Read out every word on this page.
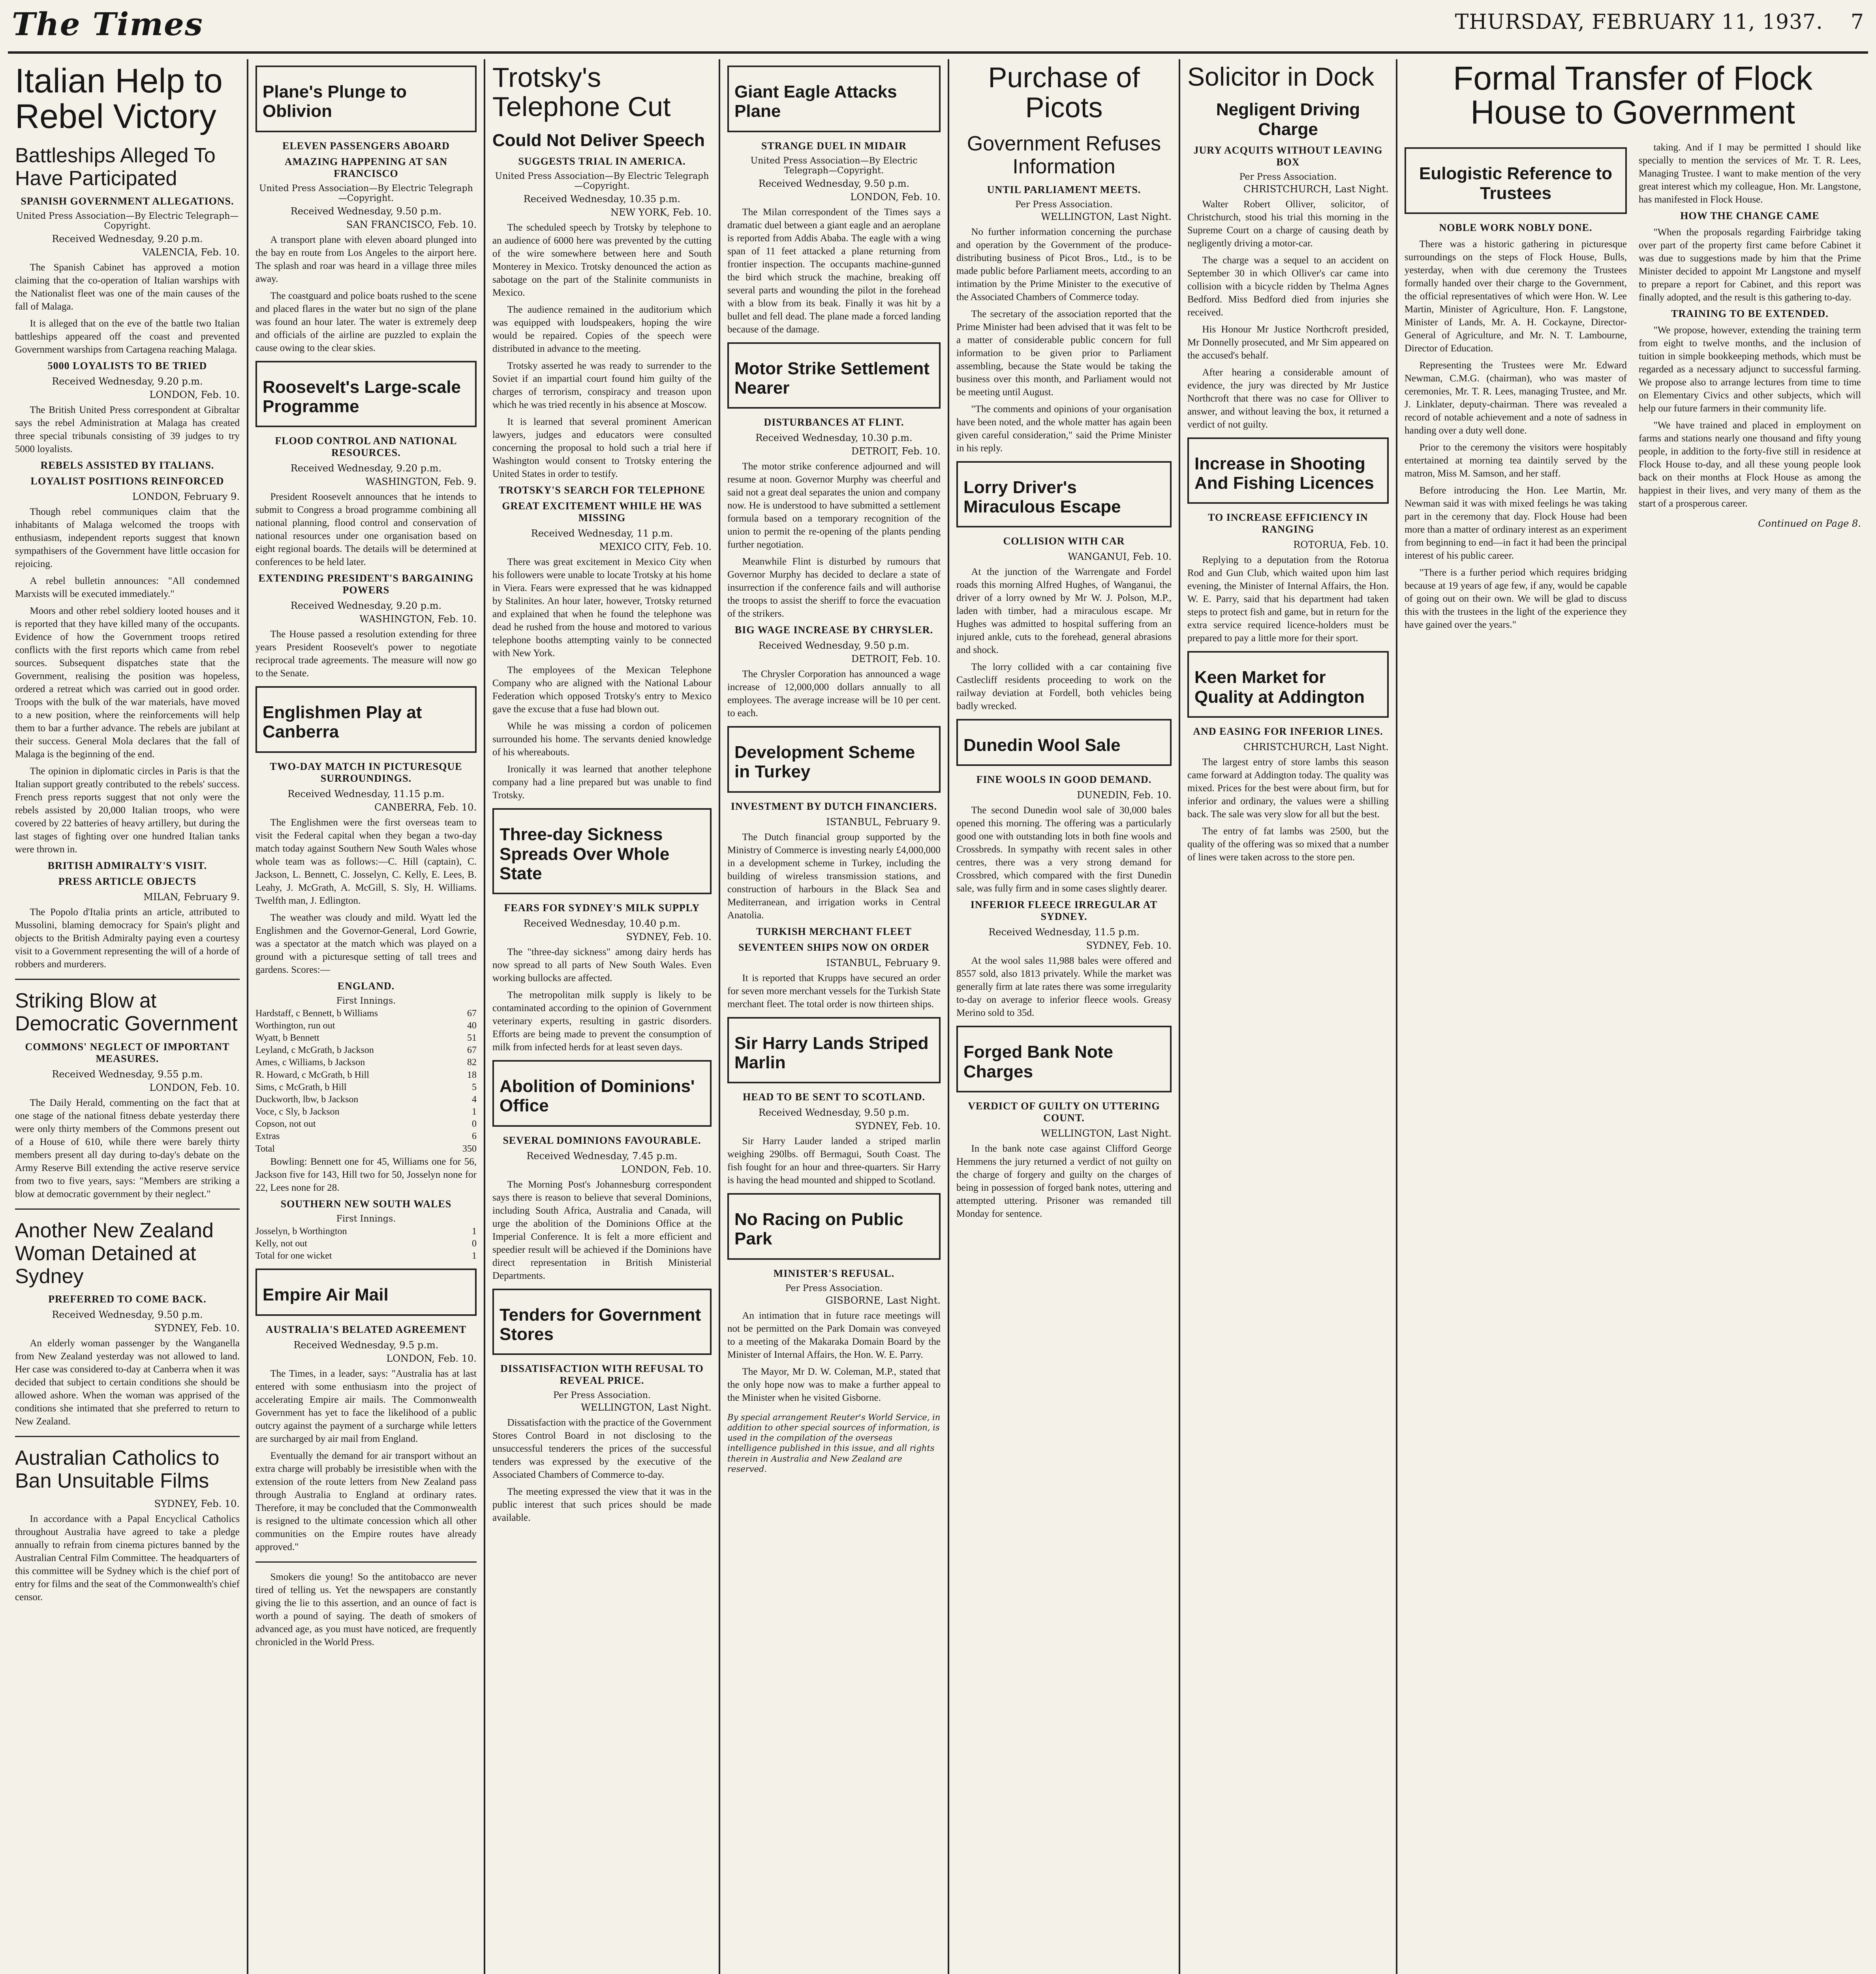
The Times	THURSDAY, FEBRUARY 11, 1937. 7
Italian Help to Rebel Victory
Battleships Alleged To Have Participated
SPANISH GOVERNMENT ALLEGATIONS.
United Press Association—By Electric Telegraph—Copyright.
Received Wednesday, 9.20 p.m.
VALENCIA, Feb. 10.

The Spanish Cabinet has approved a motion claiming that the co-operation of Italian warships with the Nationalist fleet was one of the main causes of the fall of Malaga.

It is alleged that on the eve of the battle two Italian battleships appeared off the coast and prevented Government warships from Cartagena reaching Malaga.

5000 LOYALISTS TO BE TRIED
Received Wednesday, 9.20 p.m.
LONDON, Feb. 10.

The British United Press correspondent at Gibraltar says the rebel Administration at Malaga has created three special tribunals consisting of 39 judges to try 5000 loyalists.

REBELS ASSISTED BY ITALIANS.
LOYALIST POSITIONS REINFORCED
LONDON, February 9.

Though rebel communiques claim that the inhabitants of Malaga welcomed the troops with enthusiasm, independent reports suggest that known sympathisers of the Government have little occasion for rejoicing.

A rebel bulletin announces: "All condemned Marxists will be executed immediately."

Moors and other rebel soldiery looted houses and it is reported that they have killed many of the occupants. Evidence of how the Government troops retired conflicts with the first reports which came from rebel sources. Subsequent dispatches state that the Government, realising the position was hopeless, ordered a retreat which was carried out in good order. Troops with the bulk of the war materials, have moved to a new position, where the reinforcements will help them to bar a further advance. The rebels are jubilant at their success. General Mola declares that the fall of Malaga is the beginning of the end.

The opinion in diplomatic circles in Paris is that the Italian support greatly contributed to the rebels' success. French press reports suggest that not only were the rebels assisted by 20,000 Italian troops, who were covered by 22 batteries of heavy artillery, but during the last stages of fighting over one hundred Italian tanks were thrown in.

BRITISH ADMIRALTY'S VISIT.
PRESS ARTICLE OBJECTS
MILAN, February 9.

The Popolo d'Italia prints an article, attributed to Mussolini, blaming democracy for Spain's plight and objects to the British Admiralty paying even a courtesy visit to a Government representing the will of a horde of robbers and murderers.

Striking Blow at Democratic Government
COMMONS' NEGLECT OF IMPORTANT MEASURES.
Received Wednesday, 9.55 p.m.
LONDON, Feb. 10.

The Daily Herald, commenting on the fact that at one stage of the national fitness debate yesterday there were only thirty members of the Commons present out of a House of 610, while there were barely thirty members present all day during to-day's debate on the Army Reserve Bill extending the active reserve service from two to five years, says: "Members are striking a blow at democratic government by their neglect."

Another New Zealand Woman Detained at Sydney
PREFERRED TO COME BACK.
Received Wednesday, 9.50 p.m.
SYDNEY, Feb. 10.

An elderly woman passenger by the Wanganella from New Zealand yesterday was not allowed to land. Her case was considered to-day at Canberra when it was decided that subject to certain conditions she should be allowed ashore. When the woman was apprised of the conditions she intimated that she preferred to return to New Zealand.

Australian Catholics to Ban Unsuitable Films
SYDNEY, Feb. 10.

In accordance with a Papal Encyclical Catholics throughout Australia have agreed to take a pledge annually to refrain from cinema pictures banned by the Australian Central Film Committee. The headquarters of this committee will be Sydney which is the chief port of entry for films and the seat of the Commonwealth's chief censor.

Plane's Plunge to Oblivion
ELEVEN PASSENGERS ABOARD
AMAZING HAPPENING AT SAN FRANCISCO
United Press Association—By Electric Telegraph—Copyright.
Received Wednesday, 9.50 p.m.
SAN FRANCISCO, Feb. 10.

A transport plane with eleven aboard plunged into the bay en route from Los Angeles to the airport here. The splash and roar was heard in a village three miles away.

The coastguard and police boats rushed to the scene and placed flares in the water but no sign of the plane was found an hour later. The water is extremely deep and officials of the airline are puzzled to explain the cause owing to the clear skies.

Roosevelt's Large-scale Programme
FLOOD CONTROL AND NATIONAL RESOURCES.
Received Wednesday, 9.20 p.m.
WASHINGTON, Feb. 9.

President Roosevelt announces that he intends to submit to Congress a broad programme combining all national planning, flood control and conservation of national resources under one organisation based on eight regional boards. The details will be determined at conferences to be held later.

EXTENDING PRESIDENT'S BARGAINING POWERS
Received Wednesday, 9.20 p.m.
WASHINGTON, Feb. 10.

The House passed a resolution extending for three years President Roosevelt's power to negotiate reciprocal trade agreements. The measure will now go to the Senate.

Englishmen Play at Canberra
TWO-DAY MATCH IN PICTURESQUE SURROUNDINGS.
Received Wednesday, 11.15 p.m.
CANBERRA, Feb. 10.

The Englishmen were the first overseas team to visit the Federal capital when they began a two-day match today against Southern New South Wales whose whole team was as follows:—C. Hill (captain), C. Jackson, L. Bennett, C. Josselyn, C. Kelly, E. Lees, B. Leahy, J. McGrath, A. McGill, S. Sly, H. Williams. Twelfth man, J. Edlington.

The weather was cloudy and mild. Wyatt led the Englishmen and the Governor-General, Lord Gowrie, was a spectator at the match which was played on a ground with a picturesque setting of tall trees and gardens. Scores:—

ENGLAND.
First Innings.
Hardstaff, c Bennett, b Williams	67
Worthington, run out	40
Wyatt, b Bennett	51
Leyland, c McGrath, b Jackson	67
Ames, c Williams, b Jackson	82
R. Howard, c McGrath, b Hill	18
Sims, c McGrath, b Hill	5
Duckworth, lbw, b Jackson	4
Voce, c Sly, b Jackson	1
Copson, not out	0
Extras	6
Total	350

Bowling: Bennett one for 45, Williams one for 56, Jackson five for 143, Hill two for 50, Josselyn none for 22, Lees none for 28.

SOUTHERN NEW SOUTH WALES
First Innings.
Josselyn, b Worthington	1
Kelly, not out	0
Total for one wicket	1
Empire Air Mail
AUSTRALIA'S BELATED AGREEMENT
Received Wednesday, 9.5 p.m.
LONDON, Feb. 10.

The Times, in a leader, says: "Australia has at last entered with some enthusiasm into the project of accelerating Empire air mails. The Commonwealth Government has yet to face the likelihood of a public outcry against the payment of a surcharge while letters are surcharged by air mail from England.

Eventually the demand for air transport without an extra charge will probably be irresistible when with the extension of the route letters from New Zealand pass through Australia to England at ordinary rates. Therefore, it may be concluded that the Commonwealth is resigned to the ultimate concession which all other communities on the Empire routes have already approved."

Smokers die young! So the antitobacco are never tired of telling us. Yet the newspapers are constantly giving the lie to this assertion, and an ounce of fact is worth a pound of saying. The death of smokers of advanced age, as you must have noticed, are frequently chronicled in the World Press.

Trotsky's Telephone Cut
Could Not Deliver Speech
SUGGESTS TRIAL IN AMERICA.
United Press Association—By Electric Telegraph—Copyright.
Received Wednesday, 10.35 p.m.
NEW YORK, Feb. 10.

The scheduled speech by Trotsky by telephone to an audience of 6000 here was prevented by the cutting of the wire somewhere between here and South Monterey in Mexico. Trotsky denounced the action as sabotage on the part of the Stalinite communists in Mexico.

The audience remained in the auditorium which was equipped with loudspeakers, hoping the wire would be repaired. Copies of the speech were distributed in advance to the meeting.

Trotsky asserted he was ready to surrender to the Soviet if an impartial court found him guilty of the charges of terrorism, conspiracy and treason upon which he was tried recently in his absence at Moscow.

It is learned that several prominent American lawyers, judges and educators were consulted concerning the proposal to hold such a trial here if Washington would consent to Trotsky entering the United States in order to testify.

TROTSKY'S SEARCH FOR TELEPHONE
GREAT EXCITEMENT WHILE HE WAS MISSING
Received Wednesday, 11 p.m.
MEXICO CITY, Feb. 10.

There was great excitement in Mexico City when his followers were unable to locate Trotsky at his home in Viera. Fears were expressed that he was kidnapped by Stalinites. An hour later, however, Trotsky returned and explained that when he found the telephone was dead he rushed from the house and motored to various telephone booths attempting vainly to be connected with New York.

The employees of the Mexican Telephone Company who are aligned with the National Labour Federation which opposed Trotsky's entry to Mexico gave the excuse that a fuse had blown out.

While he was missing a cordon of policemen surrounded his home. The servants denied knowledge of his whereabouts.

Ironically it was learned that another telephone company had a line prepared but was unable to find Trotsky.

Three-day Sickness Spreads Over Whole State
FEARS FOR SYDNEY'S MILK SUPPLY
Received Wednesday, 10.40 p.m.
SYDNEY, Feb. 10.

The "three-day sickness" among dairy herds has now spread to all parts of New South Wales. Even working bullocks are affected.

The metropolitan milk supply is likely to be contaminated according to the opinion of Government veterinary experts, resulting in gastric disorders. Efforts are being made to prevent the consumption of milk from infected herds for at least seven days.

Abolition of Dominions' Office
SEVERAL DOMINIONS FAVOURABLE.
Received Wednesday, 7.45 p.m.
LONDON, Feb. 10.

The Morning Post's Johannesburg correspondent says there is reason to believe that several Dominions, including South Africa, Australia and Canada, will urge the abolition of the Dominions Office at the Imperial Conference. It is felt a more efficient and speedier result will be achieved if the Dominions have direct representation in British Ministerial Departments.

Tenders for Government Stores
DISSATISFACTION WITH REFUSAL TO REVEAL PRICE.
Per Press Association.
WELLINGTON, Last Night.

Dissatisfaction with the practice of the Government Stores Control Board in not disclosing to the unsuccessful tenderers the prices of the successful tenders was expressed by the executive of the Associated Chambers of Commerce to-day.

The meeting expressed the view that it was in the public interest that such prices should be made available.

Giant Eagle Attacks Plane
STRANGE DUEL IN MIDAIR
United Press Association—By Electric Telegraph—Copyright.
Received Wednesday, 9.50 p.m.
LONDON, Feb. 10.

The Milan correspondent of the Times says a dramatic duel between a giant eagle and an aeroplane is reported from Addis Ababa. The eagle with a wing span of 11 feet attacked a plane returning from frontier inspection. The occupants machine-gunned the bird which struck the machine, breaking off several parts and wounding the pilot in the forehead with a blow from its beak. Finally it was hit by a bullet and fell dead. The plane made a forced landing because of the damage.

Motor Strike Settlement Nearer
DISTURBANCES AT FLINT.
Received Wednesday, 10.30 p.m.
DETROIT, Feb. 10.

The motor strike conference adjourned and will resume at noon. Governor Murphy was cheerful and said not a great deal separates the union and company now. He is understood to have submitted a settlement formula based on a temporary recognition of the union to permit the re-opening of the plants pending further negotiation.

Meanwhile Flint is disturbed by rumours that Governor Murphy has decided to declare a state of insurrection if the conference fails and will authorise the troops to assist the sheriff to force the evacuation of the strikers.

BIG WAGE INCREASE BY CHRYSLER.
Received Wednesday, 9.50 p.m.
DETROIT, Feb. 10.

The Chrysler Corporation has announced a wage increase of 12,000,000 dollars annually to all employees. The average increase will be 10 per cent. to each.

Development Scheme in Turkey
INVESTMENT BY DUTCH FINANCIERS.
ISTANBUL, February 9.

The Dutch financial group supported by the Ministry of Commerce is investing nearly £4,000,000 in a development scheme in Turkey, including the building of wireless transmission stations, and construction of harbours in the Black Sea and Mediterranean, and irrigation works in Central Anatolia.

TURKISH MERCHANT FLEET
SEVENTEEN SHIPS NOW ON ORDER
ISTANBUL, February 9.

It is reported that Krupps have secured an order for seven more merchant vessels for the Turkish State merchant fleet. The total order is now thirteen ships.

Sir Harry Lands Striped Marlin
HEAD TO BE SENT TO SCOTLAND.
Received Wednesday, 9.50 p.m.
SYDNEY, Feb. 10.

Sir Harry Lauder landed a striped marlin weighing 290lbs. off Bermagui, South Coast. The fish fought for an hour and three-quarters. Sir Harry is having the head mounted and shipped to Scotland.

No Racing on Public Park
MINISTER'S REFUSAL.
Per Press Association.
GISBORNE, Last Night.

An intimation that in future race meetings will not be permitted on the Park Domain was conveyed to a meeting of the Makaraka Domain Board by the Minister of Internal Affairs, the Hon. W. E. Parry.

The Mayor, Mr D. W. Coleman, M.P., stated that the only hope now was to make a further appeal to the Minister when he visited Gisborne.

By special arrangement Reuter's World Service, in addition to other special sources of information, is used in the compilation of the overseas intelligence published in this issue, and all rights therein in Australia and New Zealand are reserved.
Purchase of Picots
Government Refuses Information
UNTIL PARLIAMENT MEETS.
Per Press Association.
WELLINGTON, Last Night.

No further information concerning the purchase and operation by the Government of the produce-distributing business of Picot Bros., Ltd., is to be made public before Parliament meets, according to an intimation by the Prime Minister to the executive of the Associated Chambers of Commerce today.

The secretary of the association reported that the Prime Minister had been advised that it was felt to be a matter of considerable public concern for full information to be given prior to Parliament assembling, because the State would be taking the business over this month, and Parliament would not be meeting until August.

"The comments and opinions of your organisation have been noted, and the whole matter has again been given careful consideration," said the Prime Minister in his reply.

Lorry Driver's Miraculous Escape
COLLISION WITH CAR
WANGANUI, Feb. 10.

At the junction of the Warrengate and Fordel roads this morning Alfred Hughes, of Wanganui, the driver of a lorry owned by Mr W. J. Polson, M.P., laden with timber, had a miraculous escape. Mr Hughes was admitted to hospital suffering from an injured ankle, cuts to the forehead, general abrasions and shock.

The lorry collided with a car containing five Castlecliff residents proceeding to work on the railway deviation at Fordell, both vehicles being badly wrecked.

Dunedin Wool Sale
FINE WOOLS IN GOOD DEMAND.
DUNEDIN, Feb. 10.

The second Dunedin wool sale of 30,000 bales opened this morning. The offering was a particularly good one with outstanding lots in both fine wools and Crossbreds. In sympathy with recent sales in other centres, there was a very strong demand for Crossbred, which compared with the first Dunedin sale, was fully firm and in some cases slightly dearer.

INFERIOR FLEECE IRREGULAR AT SYDNEY.
Received Wednesday, 11.5 p.m.
SYDNEY, Feb. 10.

At the wool sales 11,988 bales were offered and 8557 sold, also 1813 privately. While the market was generally firm at late rates there was some irregularity to-day on average to inferior fleece wools. Greasy Merino sold to 35d.

Forged Bank Note Charges
VERDICT OF GUILTY ON UTTERING COUNT.
WELLINGTON, Last Night.

In the bank note case against Clifford George Hemmens the jury returned a verdict of not guilty on the charge of forgery and guilty on the charges of being in possession of forged bank notes, uttering and attempted uttering. Prisoner was remanded till Monday for sentence.

Solicitor in Dock
Negligent Driving Charge
JURY ACQUITS WITHOUT LEAVING BOX
Per Press Association.
CHRISTCHURCH, Last Night.

Walter Robert Olliver, solicitor, of Christchurch, stood his trial this morning in the Supreme Court on a charge of causing death by negligently driving a motor-car.

The charge was a sequel to an accident on September 30 in which Olliver's car came into collision with a bicycle ridden by Thelma Agnes Bedford. Miss Bedford died from injuries she received.

His Honour Mr Justice Northcroft presided, Mr Donnelly prosecuted, and Mr Sim appeared on the accused's behalf.

After hearing a considerable amount of evidence, the jury was directed by Mr Justice Northcroft that there was no case for Olliver to answer, and without leaving the box, it returned a verdict of not guilty.

Increase in Shooting And Fishing Licences
TO INCREASE EFFICIENCY IN RANGING
ROTORUA, Feb. 10.

Replying to a deputation from the Rotorua Rod and Gun Club, which waited upon him last evening, the Minister of Internal Affairs, the Hon. W. E. Parry, said that his department had taken steps to protect fish and game, but in return for the extra service required licence-holders must be prepared to pay a little more for their sport.

Keen Market for Quality at Addington
AND EASING FOR INFERIOR LINES.
CHRISTCHURCH, Last Night.

The largest entry of store lambs this season came forward at Addington today. The quality was mixed. Prices for the best were about firm, but for inferior and ordinary, the values were a shilling back. The sale was very slow for all but the best.

The entry of fat lambs was 2500, but the quality of the offering was so mixed that a number of lines were taken across to the store pen.

Formal Transfer of Flock House to Government
Eulogistic Reference to Trustees
NOBLE WORK NOBLY DONE.

There was a historic gathering in picturesque surroundings on the steps of Flock House, Bulls, yesterday, when with due ceremony the Trustees formally handed over their charge to the Government, the official representatives of which were Hon. W. Lee Martin, Minister of Agriculture, Hon. F. Langstone, Minister of Lands, Mr. A. H. Cockayne, Director-General of Agriculture, and Mr. N. T. Lambourne, Director of Education.

Representing the Trustees were Mr. Edward Newman, C.M.G. (chairman), who was master of ceremonies, Mr. T. R. Lees, managing Trustee, and Mr. J. Linklater, deputy-chairman. There was revealed a record of notable achievement and a note of sadness in handing over a duty well done.

Prior to the ceremony the visitors were hospitably entertained at morning tea daintily served by the matron, Miss M. Samson, and her staff.

Before introducing the Hon. Lee Martin, Mr. Newman said it was with mixed feelings he was taking part in the ceremony that day. Flock House had been more than a matter of ordinary interest as an experiment from beginning to end—in fact it had been the principal interest of his public career.

"There is a further period which requires bridging because at 19 years of age few, if any, would be capable of going out on their own. We will be glad to discuss this with the trustees in the light of the experience they have gained over the years."

taking. And if I may be permitted I should like specially to mention the services of Mr. T. R. Lees, Managing Trustee. I want to make mention of the very great interest which my colleague, Hon. Mr. Langstone, has manifested in Flock House.

HOW THE CHANGE CAME

"When the proposals regarding Fairbridge taking over part of the property first came before Cabinet it was due to suggestions made by him that the Prime Minister decided to appoint Mr Langstone and myself to prepare a report for Cabinet, and this report was finally adopted, and the result is this gathering to-day.

TRAINING TO BE EXTENDED.

"We propose, however, extending the training term from eight to twelve months, and the inclusion of tuition in simple bookkeeping methods, which must be regarded as a necessary adjunct to successful farming. We propose also to arrange lectures from time to time on Elementary Civics and other subjects, which will help our future farmers in their community life.

"We have trained and placed in employment on farms and stations nearly one thousand and fifty young people, in addition to the forty-five still in residence at Flock House to-day, and all these young people look back on their months at Flock House as among the happiest in their lives, and very many of them as the start of a prosperous career.

Continued on Page 8.
